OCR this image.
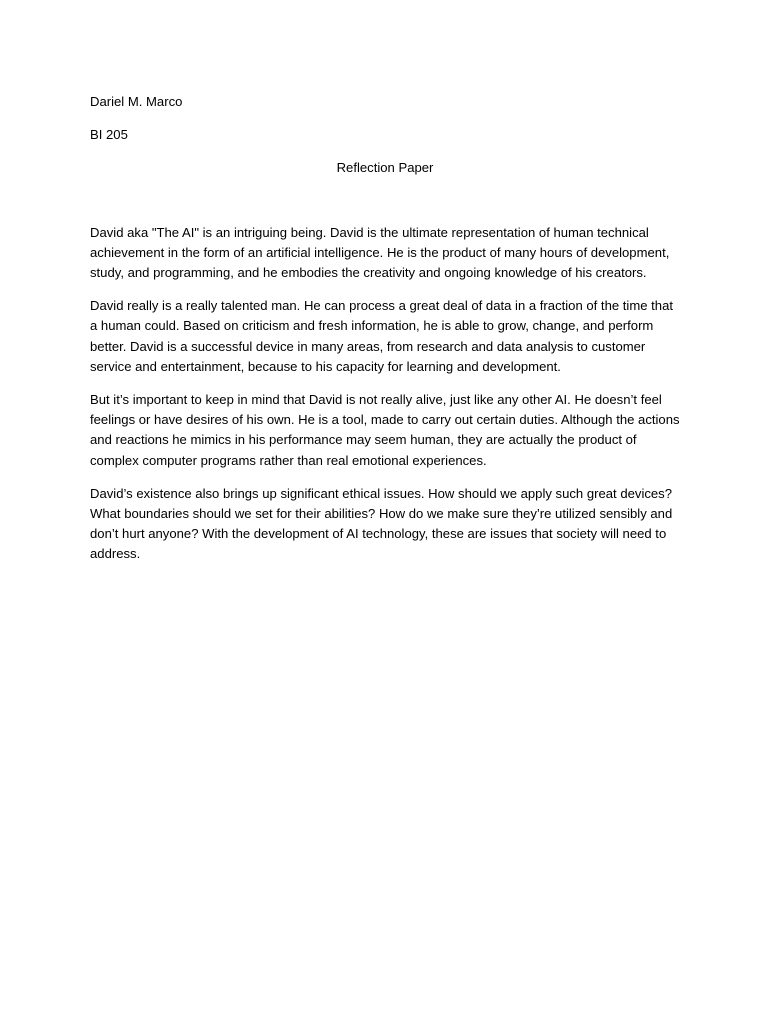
Dariel M. Marco

BI 205

Reflection Paper

David aka "The AI" is an intriguing being. David is the ultimate representation of human technical achievement in the form of an artificial intelligence. He is the product of many hours of development, study, and programming, and he embodies the creativity and ongoing knowledge of his creators.

David really is a really talented man. He can process a great deal of data in a fraction of the time that a human could. Based on criticism and fresh information, he is able to grow, change, and perform better. David is a successful device in many areas, from research and data analysis to customer service and entertainment, because to his capacity for learning and development.

But it’s important to keep in mind that David is not really alive, just like any other AI. He doesn’t feel feelings or have desires of his own. He is a tool, made to carry out certain duties. Although the actions and reactions he mimics in his performance may seem human, they are actually the product of complex computer programs rather than real emotional experiences.

David’s existence also brings up significant ethical issues. How should we apply such great devices? What boundaries should we set for their abilities? How do we make sure they’re utilized sensibly and don’t hurt anyone? With the development of AI technology, these are issues that society will need to address.
